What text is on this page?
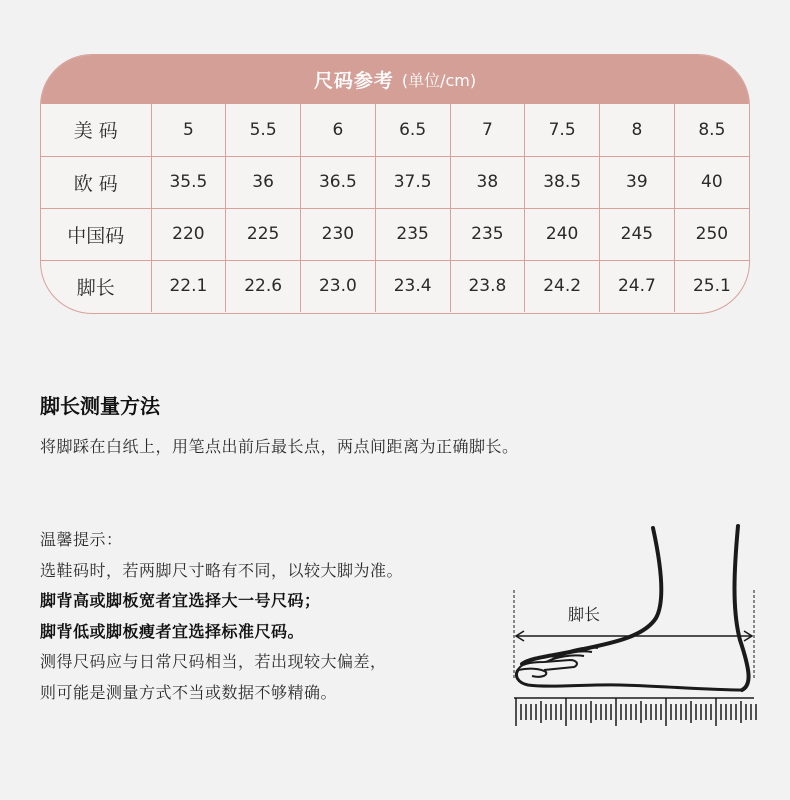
尺码参考 (单位/cm)
美 码	5	5.5	6	6.5	7	7.5	8	8.5
欧 码	35.5	36	36.5	37.5	38	38.5	39	40
中国码	220	225	230	235	235	240	245	250
脚长	22.1	22.6	23.0	23.4	23.8	24.2	24.7	25.1
脚长测量方法
将脚踩在白纸上，用笔点出前后最长点，两点间距离为正确脚长。
温馨提示：
选鞋码时，若两脚尺寸略有不同，以较大脚为准。
脚背高或脚板宽者宜选择大一号尺码；
脚背低或脚板瘦者宜选择标准尺码。
测得尺码应与日常尺码相当，若出现较大偏差，
则可能是测量方式不当或数据不够精确。
脚长
